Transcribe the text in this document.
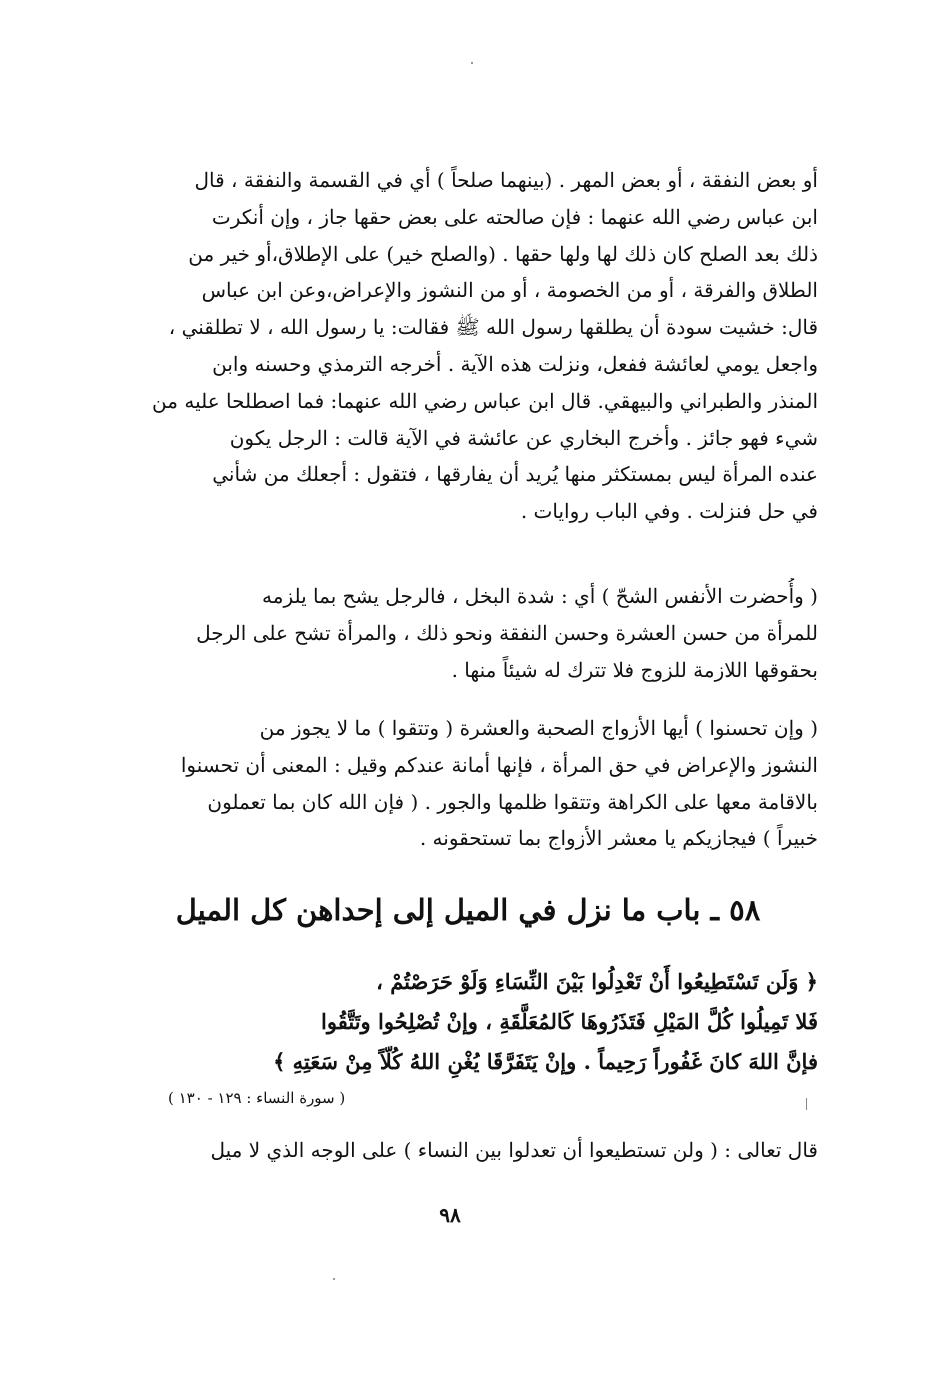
أو بعض النفقة ، أو بعض المهر . (بينهما صلحاً ) أي في القسمة والنفقة ، قال
ابن عباس رضي الله عنهما : فإن صالحته على بعض حقها جاز ، وإن أنكرت
ذلك بعد الصلح كان ذلك لها ولها حقها . (والصلح خير) على الإطلاق،أو خير من
الطلاق والفرقة ، أو من الخصومة ، أو من النشوز والإعراض،وعن ابن عباس
قال: خشيت سودة أن يطلقها رسول الله ﷺ فقالت: يا رسول الله ، لا تطلقني ،
واجعل يومي لعائشة ففعل، ونزلت هذه الآية . أخرجه الترمذي وحسنه وابن
المنذر والطبراني والبيهقي. قال ابن عباس رضي الله عنهما: فما اصطلحا عليه من
شيء فهو جائز . وأخرج البخاري عن عائشة في الآية قالت : الرجل يكون
عنده المرأة ليس بمستكثر منها يُريد أن يفارقها ، فتقول : أجعلك من شأني
في حل فنزلت . وفي الباب روايات .
( وأُحضرت الأنفس الشحّ ) أي : شدة البخل ، فالرجل يشح بما يلزمه
للمرأة من حسن العشرة وحسن النفقة ونحو ذلك ، والمرأة تشح على الرجل
بحقوقها اللازمة للزوج فلا تترك له شيئاً منها .
( وإن تحسنوا ) أيها الأزواج الصحبة والعشرة ( وتتقوا ) ما لا يجوز من
النشوز والإعراض في حق المرأة ، فإنها أمانة عندكم وقيل : المعنى أن تحسنوا
بالاقامة معها على الكراهة وتتقوا ظلمها والجور . ( فإن الله كان بما تعملون
خبيراً ) فيجازيكم يا معشر الأزواج بما تستحقونه .
٥٨ ـ باب ما نزل في الميل إلى إحداهن كل الميل
﴿ وَلَن تَسْتَطِيعُوا أَنْ تَعْدِلُوا بَيْنَ النِّسَاءِ وَلَوْ حَرَصْتُمْ ،
فَلا تَمِيلُوا كُلَّ المَيْلِ فَتَذَرُوهَا كَالمُعَلَّقَةِ ، وإنْ تُصْلِحُوا وتَتَّقُوا
فإنَّ اللهَ كانَ غَفُوراً رَحِيماً . وإنْ يَتَفَرَّقَا يُغْنِ اللهُ كُلّاً مِنْ سَعَتِهِ ﴾
( سورة النساء : ١٢٩ - ١٣٠ )
قال تعالى : ( ولن تستطيعوا أن تعدلوا بين النساء ) على الوجه الذي لا ميل
٩٨
